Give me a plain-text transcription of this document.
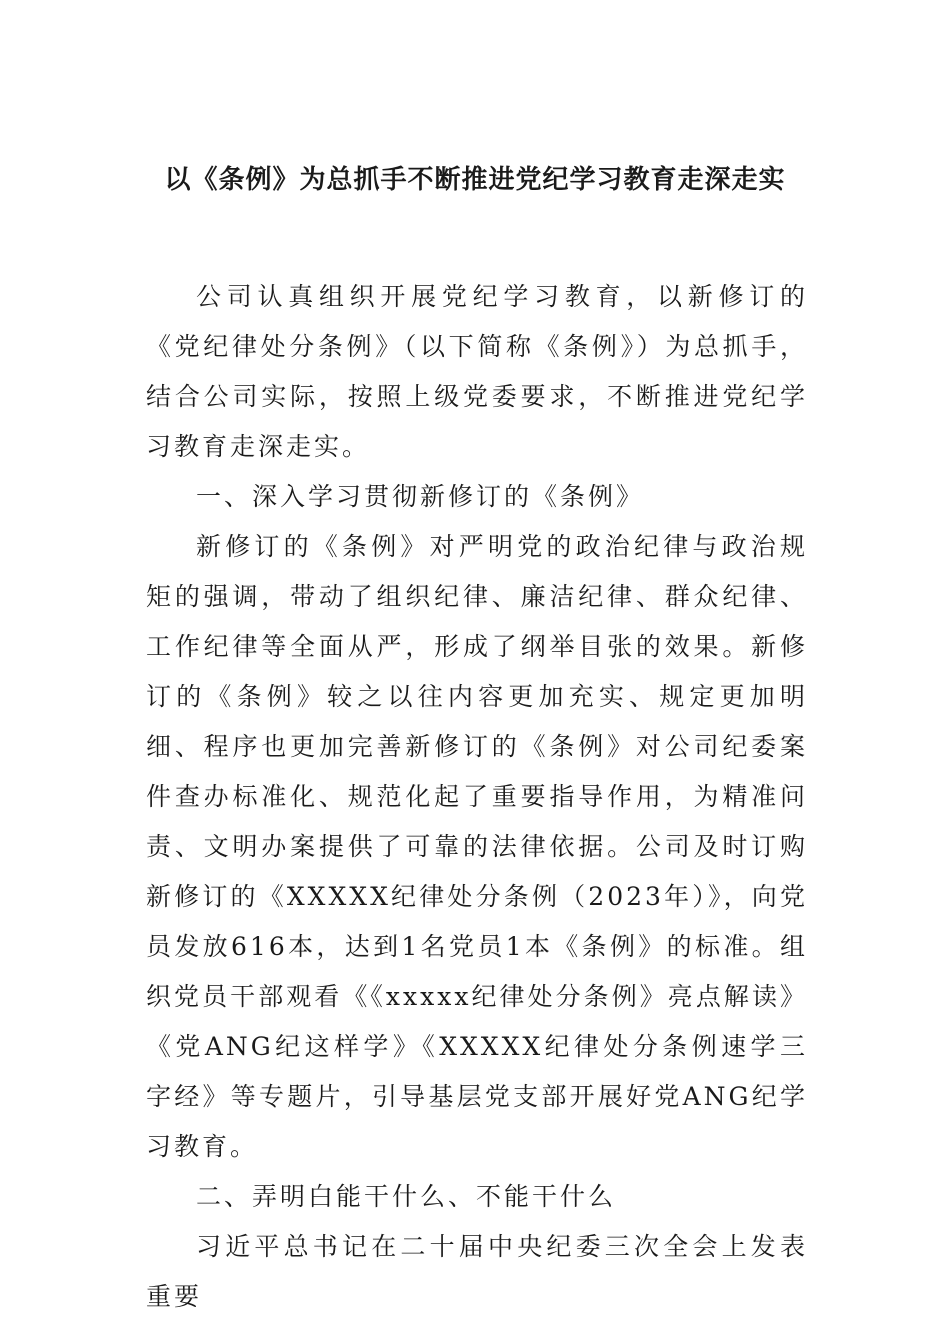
以《条例》为总抓手不断推进党纪学习教育走深走实

公司认真组织开展党纪学习教育，以新修订的《党纪律处分条例》（以下简称《条例》）为总抓手，结合公司实际，按照上级党委要求，不断推进党纪学习教育走深走实。

一、深入学习贯彻新修订的《条例》

新修订的《条例》对严明党的政治纪律与政治规矩的强调，带动了组织纪律、廉洁纪律、群众纪律、工作纪律等全面从严，形成了纲举目张的效果。新修订的《条例》较之以往内容更加充实、规定更加明细、程序也更加完善新修订的《条例》对公司纪委案件查办标准化、规范化起了重要指导作用，为精准问责、文明办案提供了可靠的法律依据。公司及时订购新修订的《XXXXX纪律处分条例（2023年）》，向党员发放616本，达到1名党员1本《条例》的标准。组织党员干部观看《《xxxxx纪律处分条例》亮点解读》《党ANG纪这样学》《XXXXX纪律处分条例速学三字经》等专题片，引导基层党支部开展好党ANG纪学习教育。

二、弄明白能干什么、不能干什么

习近平总书记在二十届中央纪委三次全会上发表重要
